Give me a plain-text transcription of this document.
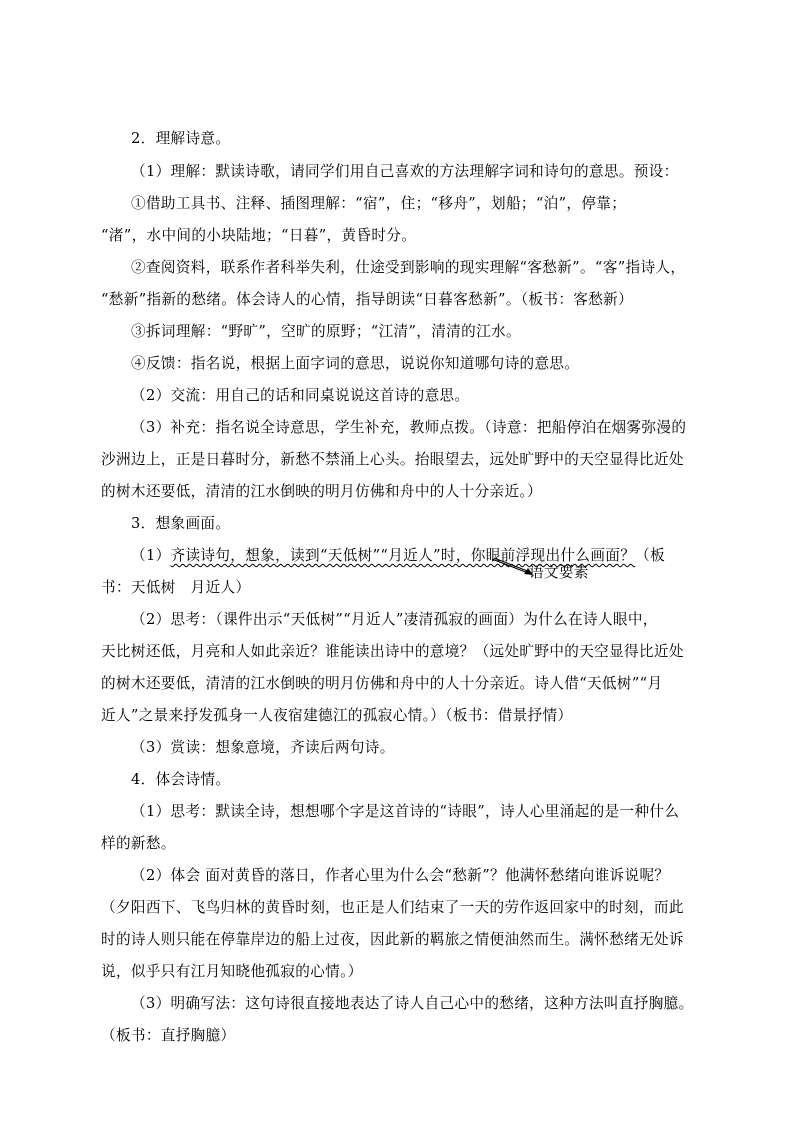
2．理解诗意。
（1）理解：默读诗歌，请同学们用自己喜欢的方法理解字词和诗句的意思。预设：
①借助工具书、注释、插图理解：“宿”，住；“移舟”，划船；“泊”，停靠；
“渚”，水中间的小块陆地；“日暮”，黄昏时分。
②查阅资料，联系作者科举失利，仕途受到影响的现实理解“客愁新”。“客”指诗人，
“愁新”指新的愁绪。体会诗人的心情，指导朗读“日暮客愁新”。（板书：客愁新）
③拆词理解：“野旷”，空旷的原野；“江清”，清清的江水。
④反馈：指名说，根据上面字词的意思，说说你知道哪句诗的意思。
（2）交流：用自己的话和同桌说说这首诗的意思。
（3）补充：指名说全诗意思，学生补充，教师点拨。（诗意：把船停泊在烟雾弥漫的
沙洲边上，正是日暮时分，新愁不禁涌上心头。抬眼望去，远处旷野中的天空显得比近处
的树木还要低，清清的江水倒映的明月仿佛和舟中的人十分亲近。）
3．想象画面。
（1）齐读诗句，想象，读到“天低树”“月近人”时，你眼前浮现出什么画面？（板
书：天低树　月近人）
语文要素
（2）思考：（课件出示“天低树”“月近人”凄清孤寂的画面）为什么在诗人眼中，
天比树还低，月亮和人如此亲近？谁能读出诗中的意境？（远处旷野中的天空显得比近处
的树木还要低，清清的江水倒映的明月仿佛和舟中的人十分亲近。诗人借“天低树”“月
近人”之景来抒发孤身一人夜宿建德江的孤寂心情。）（板书：借景抒情）
（3）赏读：想象意境，齐读后两句诗。
4．体会诗情。
（1）思考：默读全诗，想想哪个字是这首诗的“诗眼”，诗人心里涌起的是一种什么
样的新愁。
（2）体会 面对黄昏的落日，作者心里为什么会“愁新”？他满怀愁绪向谁诉说呢？
（夕阳西下、飞鸟归林的黄昏时刻，也正是人们结束了一天的劳作返回家中的时刻，而此
时的诗人则只能在停靠岸边的船上过夜，因此新的羁旅之情便油然而生。满怀愁绪无处诉
说，似乎只有江月知晓他孤寂的心情。）
（3）明确写法：这句诗很直接地表达了诗人自己心中的愁绪，这种方法叫直抒胸臆。
（板书：直抒胸臆）
